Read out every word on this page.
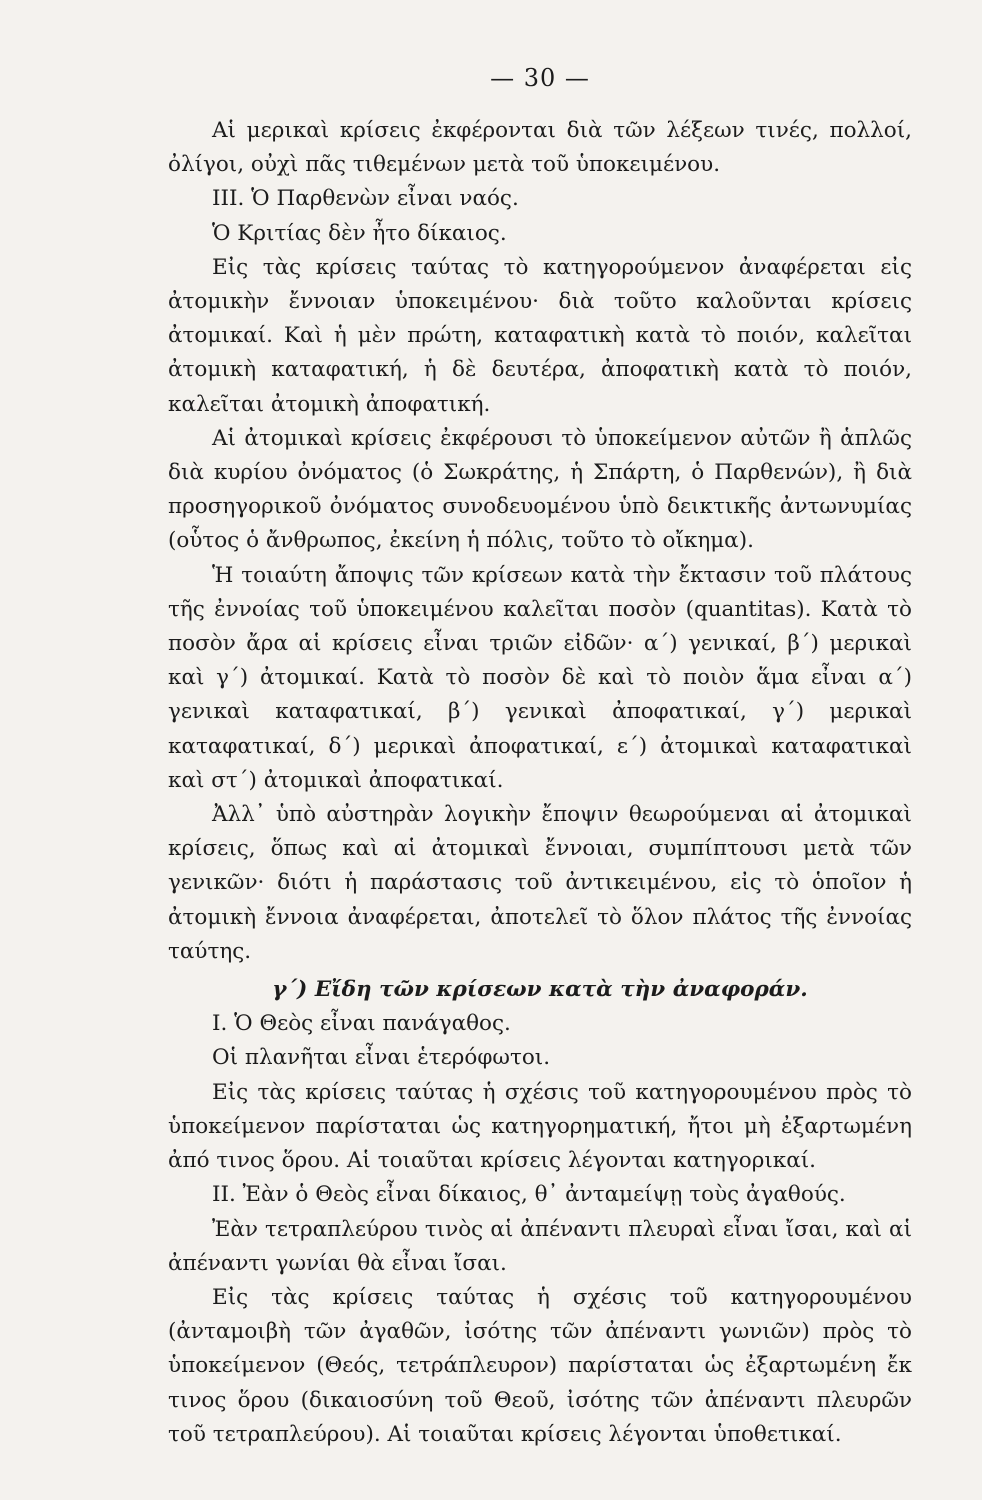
— 30 —

Αἱ μερικαὶ κρίσεις ἐκφέρονται διὰ τῶν λέξεων τινές, πολλοί, ὀλίγοι, οὐχὶ πᾶς τιθεμένων μετὰ τοῦ ὑποκειμένου.

ΙΙΙ. Ὁ Παρθενὼν εἶναι ναός.

Ὁ Κριτίας δὲν ἦτο δίκαιος.

Εἰς τὰς κρίσεις ταύτας τὸ κατηγορούμενον ἀναφέρεται εἰς ἀτομικὴν ἔννοιαν ὑποκειμένου· διὰ τοῦτο καλοῦνται κρίσεις ἀτομικαί. Καὶ ἡ μὲν πρώτη, καταφατικὴ κατὰ τὸ ποιόν, καλεῖται ἀτομικὴ καταφατική, ἡ δὲ δευτέρα, ἀποφατικὴ κατὰ τὸ ποιόν, καλεῖται ἀτομικὴ ἀποφατική.

Αἱ ἀτομικαὶ κρίσεις ἐκφέρουσι τὸ ὑποκείμενον αὐτῶν ἢ ἁπλῶς διὰ κυρίου ὀνόματος (ὁ Σωκράτης, ἡ Σπάρτη, ὁ Παρθενών), ἢ διὰ προσηγορικοῦ ὀνόματος συνοδευομένου ὑπὸ δεικτικῆς ἀντωνυμίας (οὗτος ὁ ἄνθρωπος, ἐκείνη ἡ πόλις, τοῦτο τὸ οἴκημα).

Ἡ τοιαύτη ἄποψις τῶν κρίσεων κατὰ τὴν ἔκτασιν τοῦ πλάτους τῆς ἐννοίας τοῦ ὑποκειμένου καλεῖται ποσὸν (quantitas). Κατὰ τὸ ποσὸν ἄρα αἱ κρίσεις εἶναι τριῶν εἰδῶν· α΄) γενικαί, β΄) μερικαὶ καὶ γ΄) ἀτομικαί. Κατὰ τὸ ποσὸν δὲ καὶ τὸ ποιὸν ἅμα εἶναι α΄) γενικαὶ καταφατικαί, β΄) γενικαὶ ἀποφατικαί, γ΄) μερικαὶ καταφατικαί, δ΄) μερικαὶ ἀποφατικαί, ε΄) ἀτομικαὶ καταφατικαὶ καὶ στ΄) ἀτομικαὶ ἀποφατικαί.

Ἀλλ᾽ ὑπὸ αὐστηρὰν λογικὴν ἔποψιν θεωρούμεναι αἱ ἀτομικαὶ κρίσεις, ὅπως καὶ αἱ ἀτομικαὶ ἔννοιαι, συμπίπτουσι μετὰ τῶν γενικῶν· διότι ἡ παράστασις τοῦ ἀντικειμένου, εἰς τὸ ὁποῖον ἡ ἀτομικὴ ἔννοια ἀναφέρεται, ἀποτελεῖ τὸ ὅλον πλάτος τῆς ἐννοίας ταύτης.

γ΄) Εἴδη τῶν κρίσεων κατὰ τὴν ἀναφοράν.

Ι. Ὁ Θεὸς εἶναι πανάγαθος.

Οἱ πλανῆται εἶναι ἑτερόφωτοι.

Εἰς τὰς κρίσεις ταύτας ἡ σχέσις τοῦ κατηγορουμένου πρὸς τὸ ὑποκείμενον παρίσταται ὡς κατηγορηματική, ἤτοι μὴ ἐξαρτωμένη ἀπό τινος ὅρου. Αἱ τοιαῦται κρίσεις λέγονται κατηγορικαί.

ΙΙ. Ἐὰν ὁ Θεὸς εἶναι δίκαιος, θ᾽ ἀνταμείψῃ τοὺς ἀγαθούς.

Ἐὰν τετραπλεύρου τινὸς αἱ ἀπέναντι πλευραὶ εἶναι ἴσαι, καὶ αἱ ἀπέναντι γωνίαι θὰ εἶναι ἴσαι.

Εἰς τὰς κρίσεις ταύτας ἡ σχέσις τοῦ κατηγορουμένου (ἀνταμοιβὴ τῶν ἀγαθῶν, ἰσότης τῶν ἀπέναντι γωνιῶν) πρὸς τὸ ὑποκείμενον (Θεός, τετράπλευρον) παρίσταται ὡς ἐξαρτωμένη ἔκ τινος ὅρου (δικαιοσύνη τοῦ Θεοῦ, ἰσότης τῶν ἀπέναντι πλευρῶν τοῦ τετραπλεύρου). Αἱ τοιαῦται κρίσεις λέγονται ὑποθετικαί.
